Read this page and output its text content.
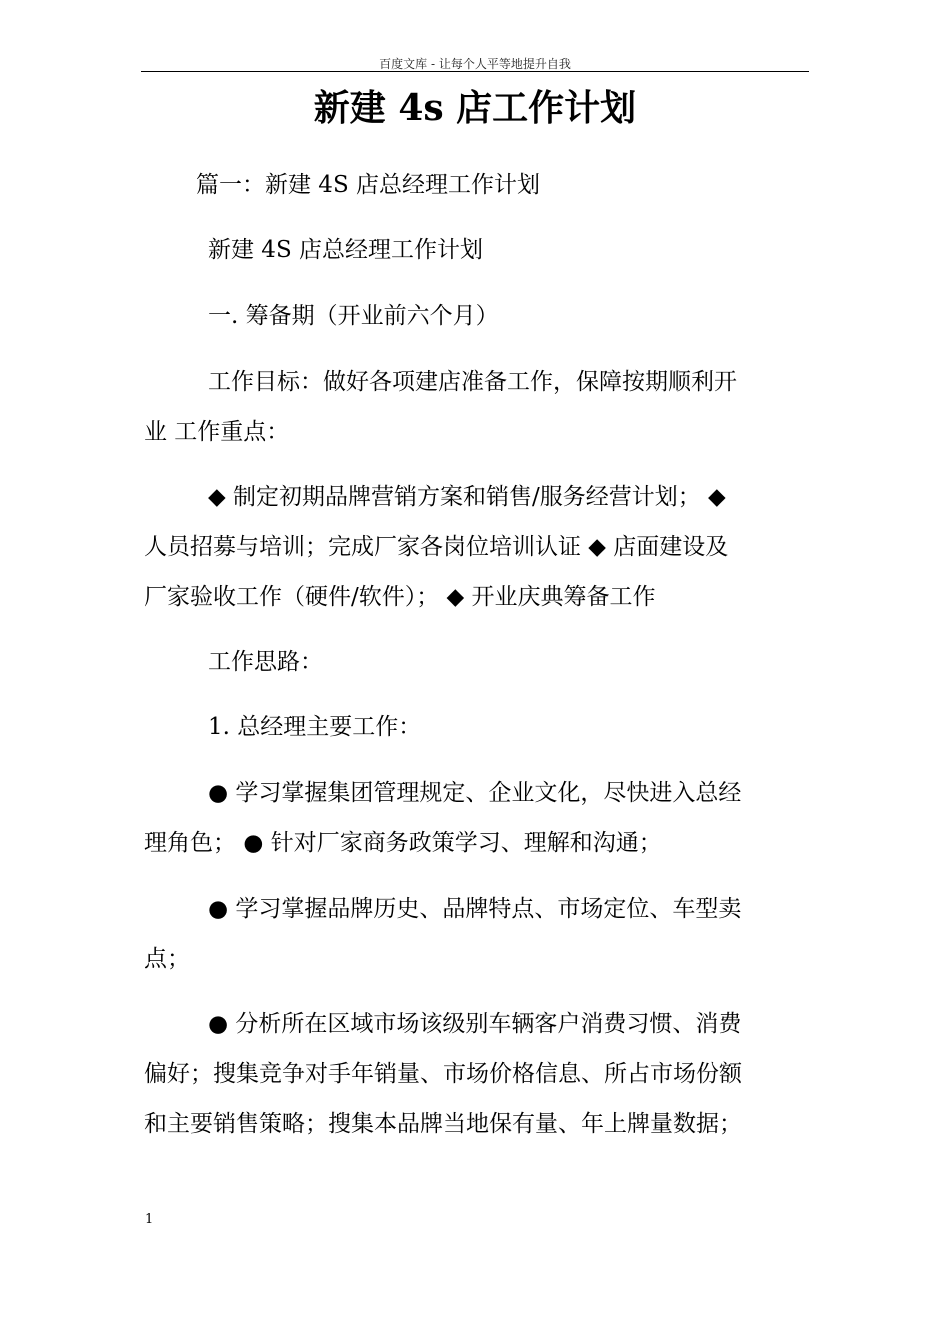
百度文库 - 让每个人平等地提升自我
新建 4s 店工作计划

篇一：新建 4S 店总经理工作计划

新建 4S 店总经理工作计划

一. 筹备期（开业前六个月）

工作目标：做好各项建店准备工作，保障按期顺利开
业 工作重点：

◆ 制定初期品牌营销方案和销售/服务经营计划； ◆
人员招募与培训；完成厂家各岗位培训认证 ◆ 店面建设及
厂家验收工作（硬件/软件）； ◆ 开业庆典筹备工作

工作思路：

1. 总经理主要工作：

● 学习掌握集团管理规定、企业文化，尽快进入总经
理角色； ● 针对厂家商务政策学习、理解和沟通；

● 学习掌握品牌历史、品牌特点、市场定位、车型卖
点；

● 分析所在区域市场该级别车辆客户消费习惯、消费
偏好；搜集竞争对手年销量、市场价格信息、所占市场份额
和主要销售策略；搜集本品牌当地保有量、年上牌量数据；

1
